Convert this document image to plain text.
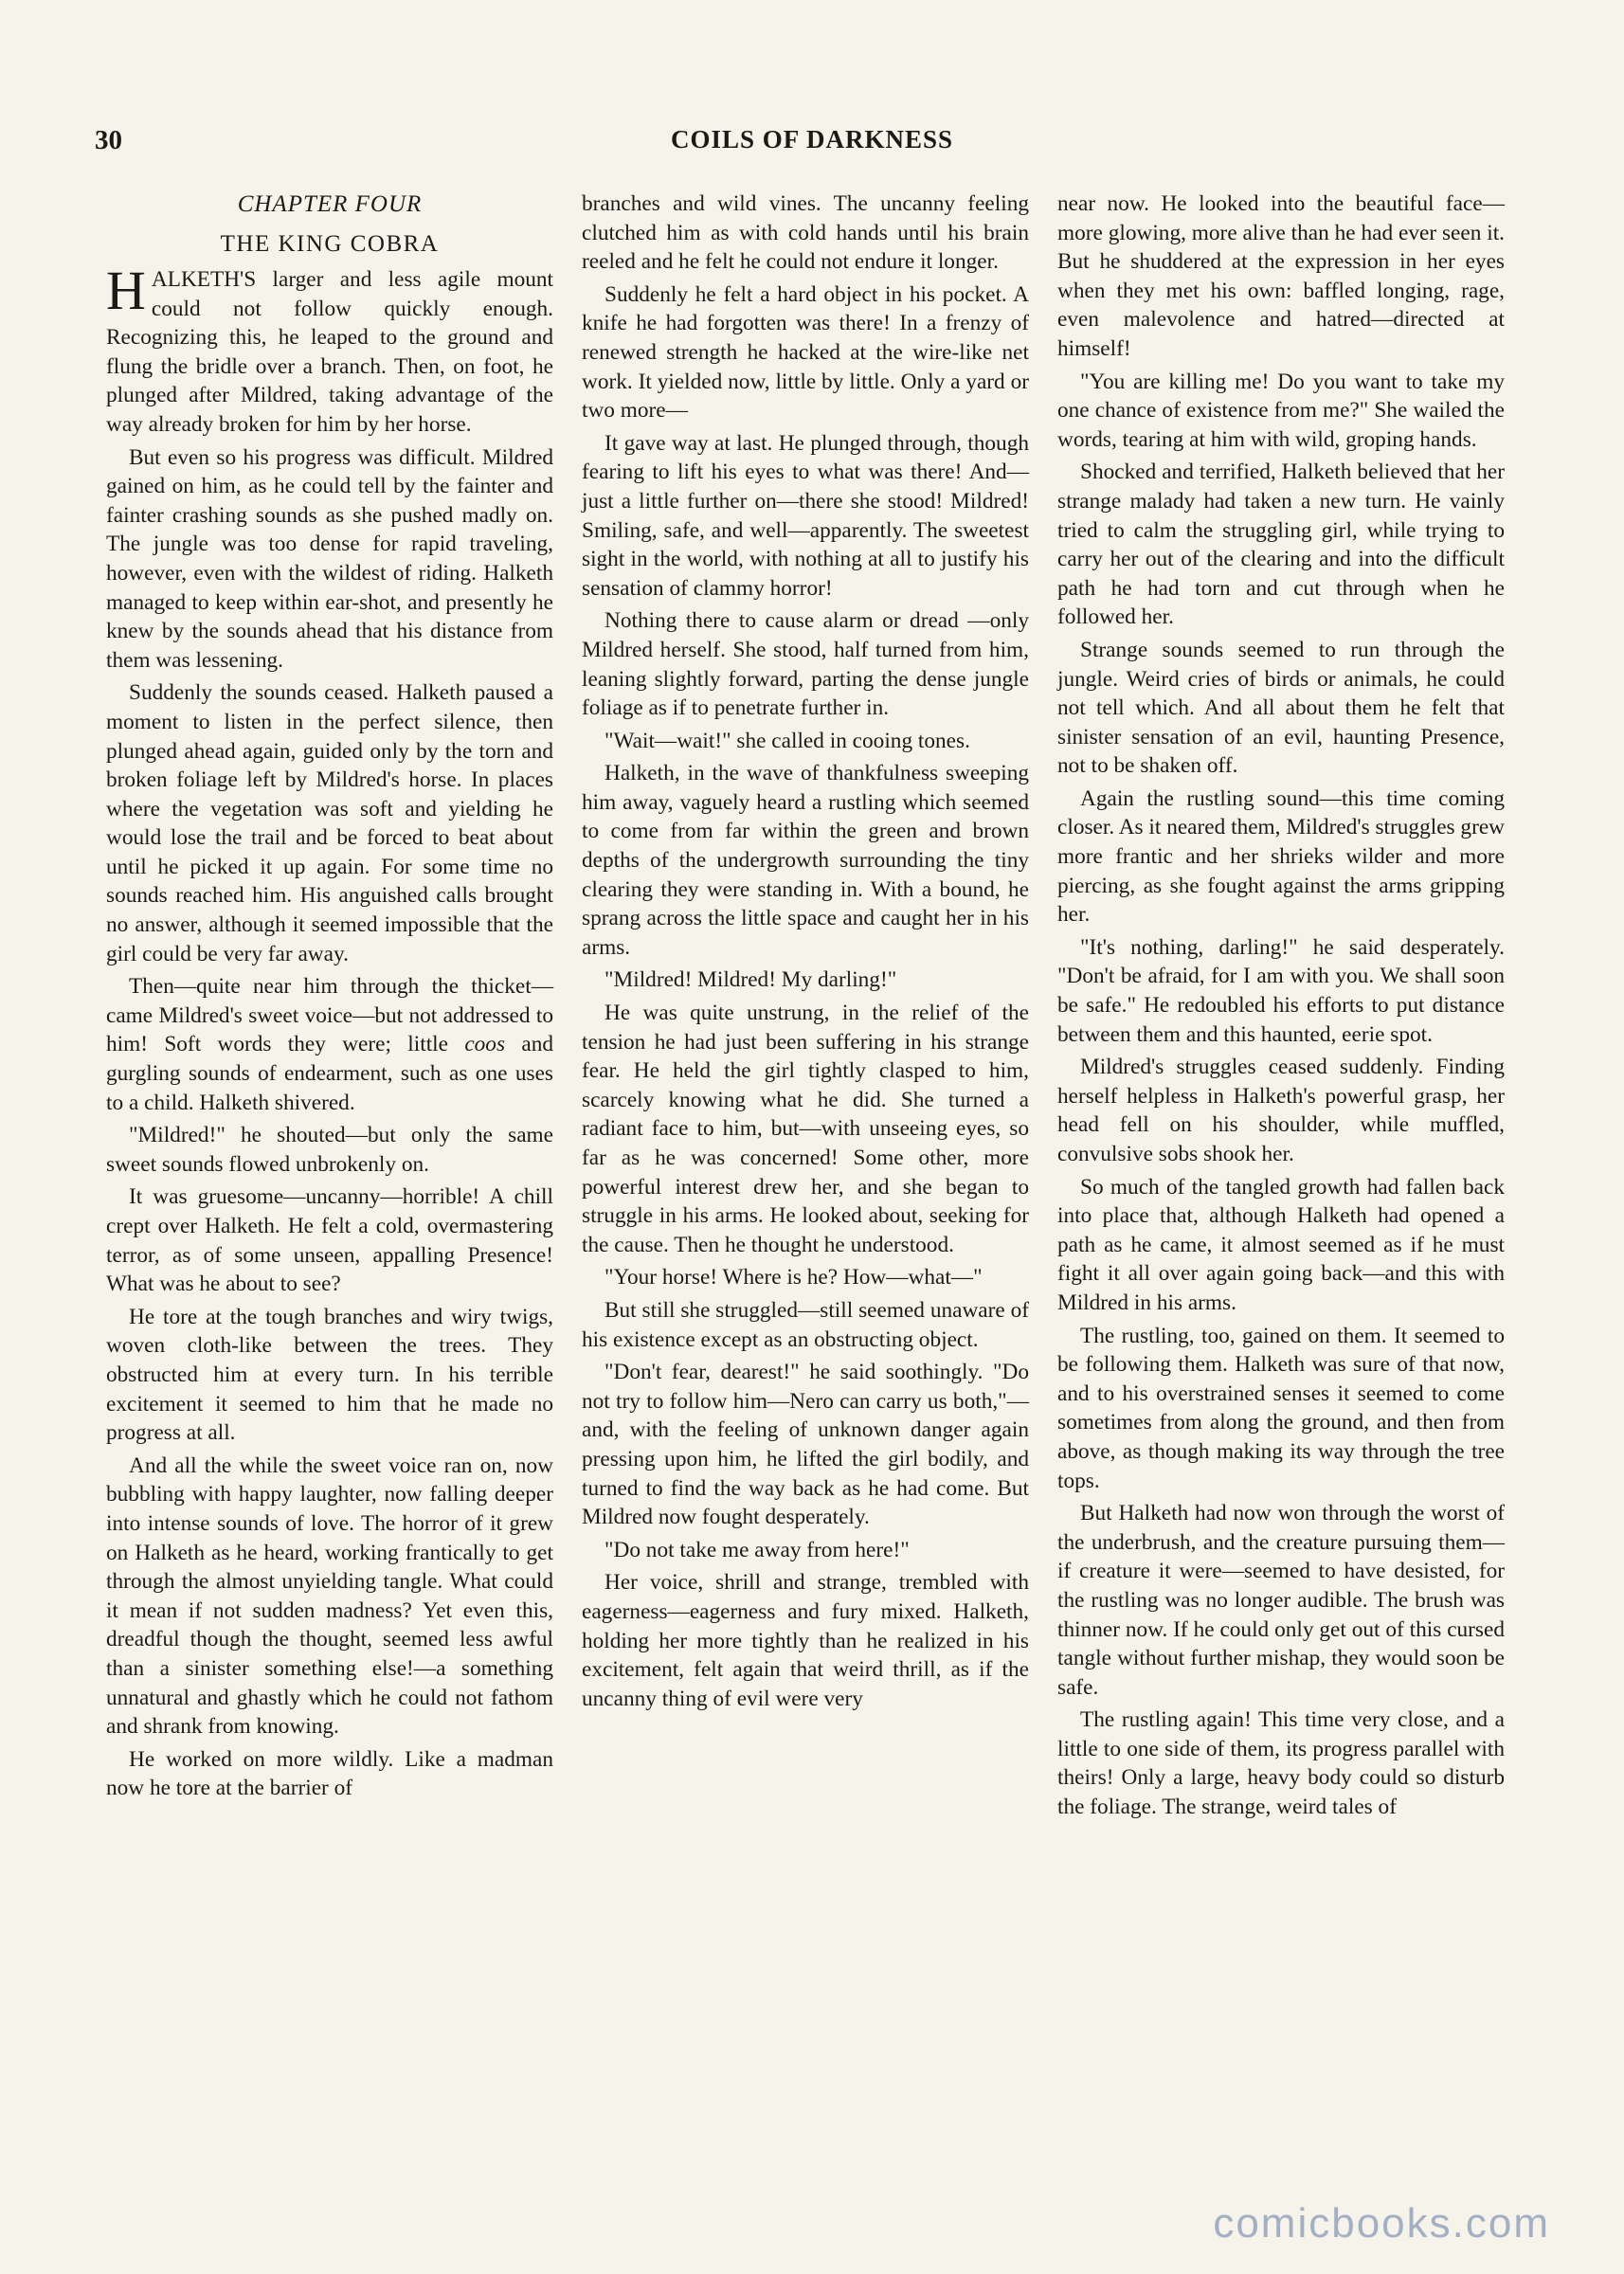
30	COILS OF DARKNESS
CHAPTER FOUR
THE KING COBRA

HALKETH'S larger and less agile mount could not follow quickly enough. Recognizing this, he leaped to the ground and flung the bridle over a branch. Then, on foot, he plunged after Mildred, taking advantage of the way already broken for him by her horse.

But even so his progress was difficult. Mildred gained on him, as he could tell by the fainter and fainter crashing sounds as she pushed madly on. The jungle was too dense for rapid traveling, however, even with the wildest of riding. Halketh managed to keep within ear-shot, and presently he knew by the sounds ahead that his distance from them was lessening.

Suddenly the sounds ceased. Halketh paused a moment to listen in the perfect silence, then plunged ahead again, guided only by the torn and broken foliage left by Mildred's horse. In places where the vegetation was soft and yielding he would lose the trail and be forced to beat about until he picked it up again. For some time no sounds reached him. His anguished calls brought no answer, although it seemed impossible that the girl could be very far away.

Then—quite near him through the thicket—came Mildred's sweet voice—but not addressed to him! Soft words they were; little coos and gurgling sounds of endearment, such as one uses to a child. Halketh shivered.

"Mildred!" he shouted—but only the same sweet sounds flowed unbrokenly on.

It was gruesome—uncanny—horrible! A chill crept over Halketh. He felt a cold, overmastering terror, as of some unseen, appalling Presence! What was he about to see?

He tore at the tough branches and wiry twigs, woven cloth-like between the trees. They obstructed him at every turn. In his terrible excitement it seemed to him that he made no progress at all.

And all the while the sweet voice ran on, now bubbling with happy laughter, now falling deeper into intense sounds of love. The horror of it grew on Halketh as he heard, working frantically to get through the almost unyielding tangle. What could it mean if not sudden madness? Yet even this, dreadful though the thought, seemed less awful than a sinister something else!—a something unnatural and ghastly which he could not fathom and shrank from knowing.

He worked on more wildly. Like a madman now he tore at the barrier of

branches and wild vines. The uncanny feeling clutched him as with cold hands until his brain reeled and he felt he could not endure it longer.

Suddenly he felt a hard object in his pocket. A knife he had forgotten was there! In a frenzy of renewed strength he hacked at the wire-like net work. It yielded now, little by little. Only a yard or two more—

It gave way at last. He plunged through, though fearing to lift his eyes to what was there! And—just a little further on—there she stood! Mildred! Smiling, safe, and well—apparently. The sweetest sight in the world, with nothing at all to justify his sensation of clammy horror!

Nothing there to cause alarm or dread —only Mildred herself. She stood, half turned from him, leaning slightly forward, parting the dense jungle foliage as if to penetrate further in.

"Wait—wait!" she called in cooing tones.

Halketh, in the wave of thankfulness sweeping him away, vaguely heard a rustling which seemed to come from far within the green and brown depths of the undergrowth surrounding the tiny clearing they were standing in. With a bound, he sprang across the little space and caught her in his arms.

"Mildred! Mildred! My darling!"

He was quite unstrung, in the relief of the tension he had just been suffering in his strange fear. He held the girl tightly clasped to him, scarcely knowing what he did. She turned a radiant face to him, but—with unseeing eyes, so far as he was concerned! Some other, more powerful interest drew her, and she began to struggle in his arms. He looked about, seeking for the cause. Then he thought he understood.

"Your horse! Where is he? How—what—"

But still she struggled—still seemed unaware of his existence except as an obstructing object.

"Don't fear, dearest!" he said soothingly. "Do not try to follow him—Nero can carry us both,"—and, with the feeling of unknown danger again pressing upon him, he lifted the girl bodily, and turned to find the way back as he had come. But Mildred now fought desperately.

"Do not take me away from here!"

Her voice, shrill and strange, trembled with eagerness—eagerness and fury mixed. Halketh, holding her more tightly than he realized in his excitement, felt again that weird thrill, as if the uncanny thing of evil were very

near now. He looked into the beautiful face—more glowing, more alive than he had ever seen it. But he shuddered at the expression in her eyes when they met his own: baffled longing, rage, even malevolence and hatred—directed at himself!

"You are killing me! Do you want to take my one chance of existence from me?" She wailed the words, tearing at him with wild, groping hands.

Shocked and terrified, Halketh believed that her strange malady had taken a new turn. He vainly tried to calm the struggling girl, while trying to carry her out of the clearing and into the difficult path he had torn and cut through when he followed her.

Strange sounds seemed to run through the jungle. Weird cries of birds or animals, he could not tell which. And all about them he felt that sinister sensation of an evil, haunting Presence, not to be shaken off.

Again the rustling sound—this time coming closer. As it neared them, Mildred's struggles grew more frantic and her shrieks wilder and more piercing, as she fought against the arms gripping her.

"It's nothing, darling!" he said desperately. "Don't be afraid, for I am with you. We shall soon be safe." He redoubled his efforts to put distance between them and this haunted, eerie spot.

Mildred's struggles ceased suddenly. Finding herself helpless in Halketh's powerful grasp, her head fell on his shoulder, while muffled, convulsive sobs shook her.

So much of the tangled growth had fallen back into place that, although Halketh had opened a path as he came, it almost seemed as if he must fight it all over again going back—and this with Mildred in his arms.

The rustling, too, gained on them. It seemed to be following them. Halketh was sure of that now, and to his overstrained senses it seemed to come sometimes from along the ground, and then from above, as though making its way through the tree tops.

But Halketh had now won through the worst of the underbrush, and the creature pursuing them—if creature it were—seemed to have desisted, for the rustling was no longer audible. The brush was thinner now. If he could only get out of this cursed tangle without further mishap, they would soon be safe.

The rustling again! This time very close, and a little to one side of them, its progress parallel with theirs! Only a large, heavy body could so disturb the foliage. The strange, weird tales of

comicbooks.com
